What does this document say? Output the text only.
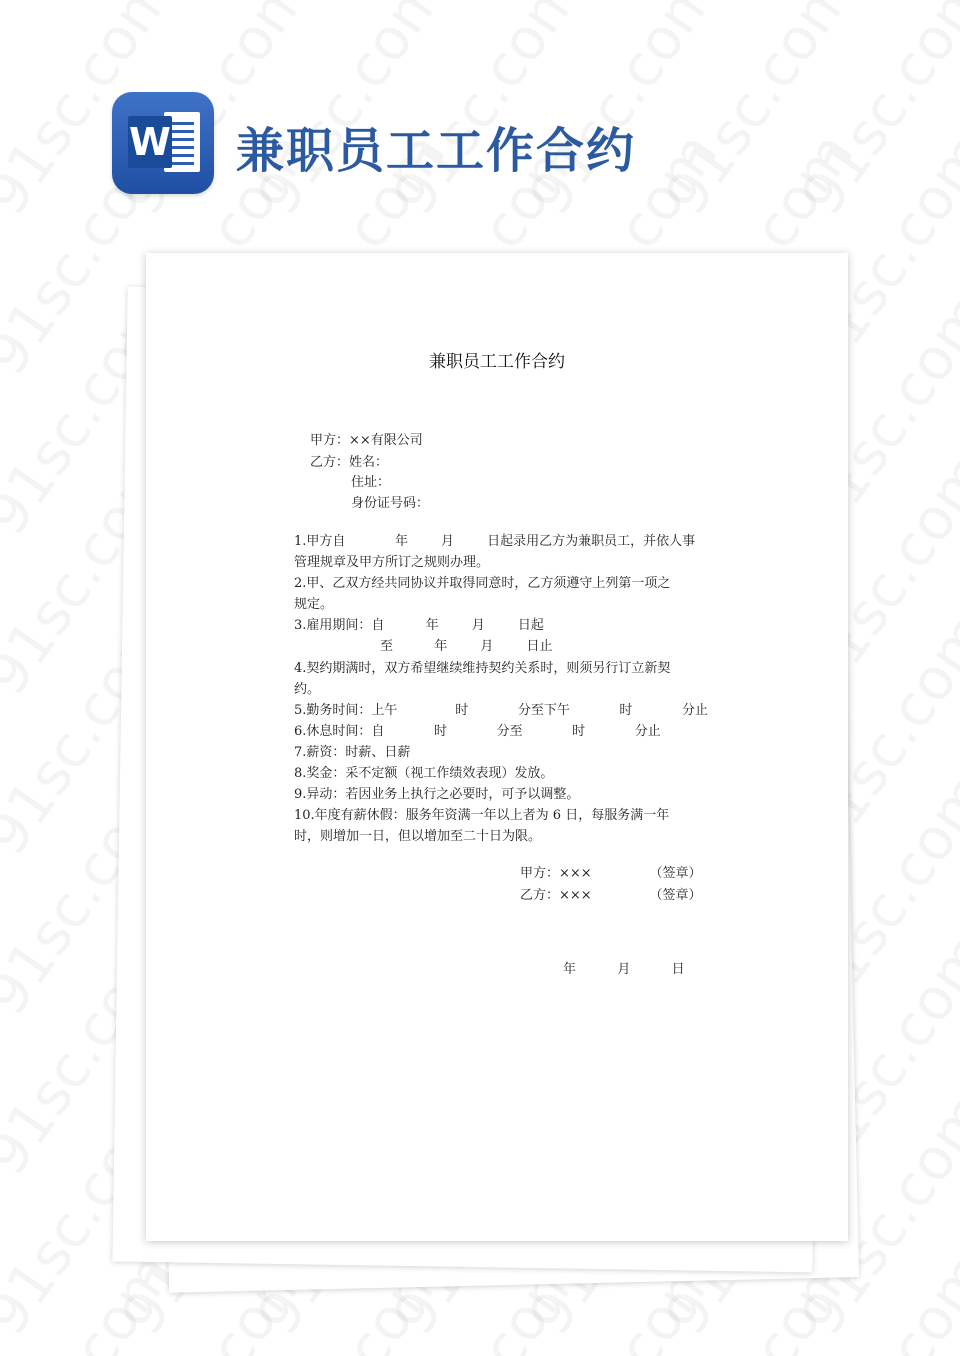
W 兼职员工工作合约
兼职员工工作合约
甲方：××有限公司
乙方：姓名：
住址：
身份证号码：
1.甲方自            年        月        日起录用乙方为兼职员工，并依人事
管理规章及甲方所订之规则办理。
2.甲、乙双方经共同协议并取得同意时，乙方须遵守上列第一项之
规定。
3.雇用期间：自          年        月        日起
至          年        月        日止
4.契约期满时，双方希望继续维持契约关系时，则须另行订立新契
约。
5.勤务时间：上午              时            分至下午            时            分止
6.休息时间：自            时            分至            时            分止
7.薪资：时薪、日薪
8.奖金：采不定额（视工作绩效表现）发放。
9.异动：若因业务上执行之必要时，可予以调整。
10.年度有薪休假：服务年资满一年以上者为 6 日，每服务满一年
时，则增加一日，但以增加至二十日为限。
甲方：×××              （签章）
乙方：×××              （签章）
年          月          日
